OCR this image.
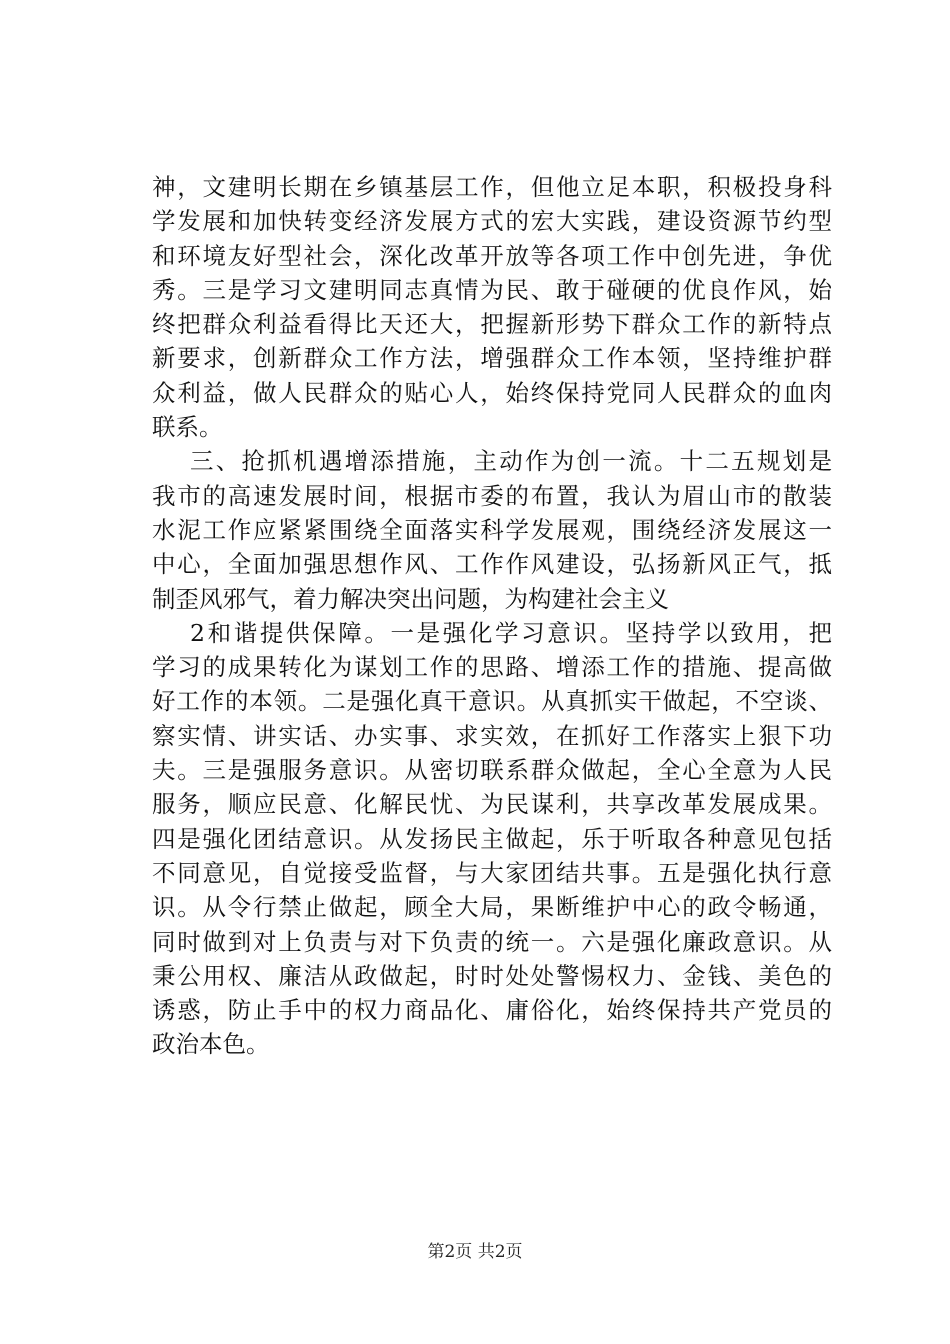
神，文建明长期在乡镇基层工作，但他立足本职，积极投身科
学发展和加快转变经济发展方式的宏大实践，建设资源节约型
和环境友好型社会，深化改革开放等各项工作中创先进，争优
秀。三是学习文建明同志真情为民、敢于碰硬的优良作风，始
终把群众利益看得比天还大，把握新形势下群众工作的新特点
新要求，创新群众工作方法，增强群众工作本领，坚持维护群
众利益，做人民群众的贴心人，始终保持党同人民群众的血肉
联系。
三、抢抓机遇增添措施，主动作为创一流。十二五规划是
我市的高速发展时间，根据市委的布置，我认为眉山市的散装
水泥工作应紧紧围绕全面落实科学发展观，围绕经济发展这一
中心，全面加强思想作风、工作作风建设，弘扬新风正气，抵
制歪风邪气，着力解决突出问题，为构建社会主义
2和谐提供保障。一是强化学习意识。坚持学以致用，把
学习的成果转化为谋划工作的思路、增添工作的措施、提高做
好工作的本领。二是强化真干意识。从真抓实干做起，不空谈、
察实情、讲实话、办实事、求实效，在抓好工作落实上狠下功
夫。三是强服务意识。从密切联系群众做起，全心全意为人民
服务，顺应民意、化解民忧、为民谋利，共享改革发展成果。
四是强化团结意识。从发扬民主做起，乐于听取各种意见包括
不同意见，自觉接受监督，与大家团结共事。五是强化执行意
识。从令行禁止做起，顾全大局，果断维护中心的政令畅通，
同时做到对上负责与对下负责的统一。六是强化廉政意识。从
秉公用权、廉洁从政做起，时时处处警惕权力、金钱、美色的
诱惑，防止手中的权力商品化、庸俗化，始终保持共产党员的
政治本色。
第2页 共2页
